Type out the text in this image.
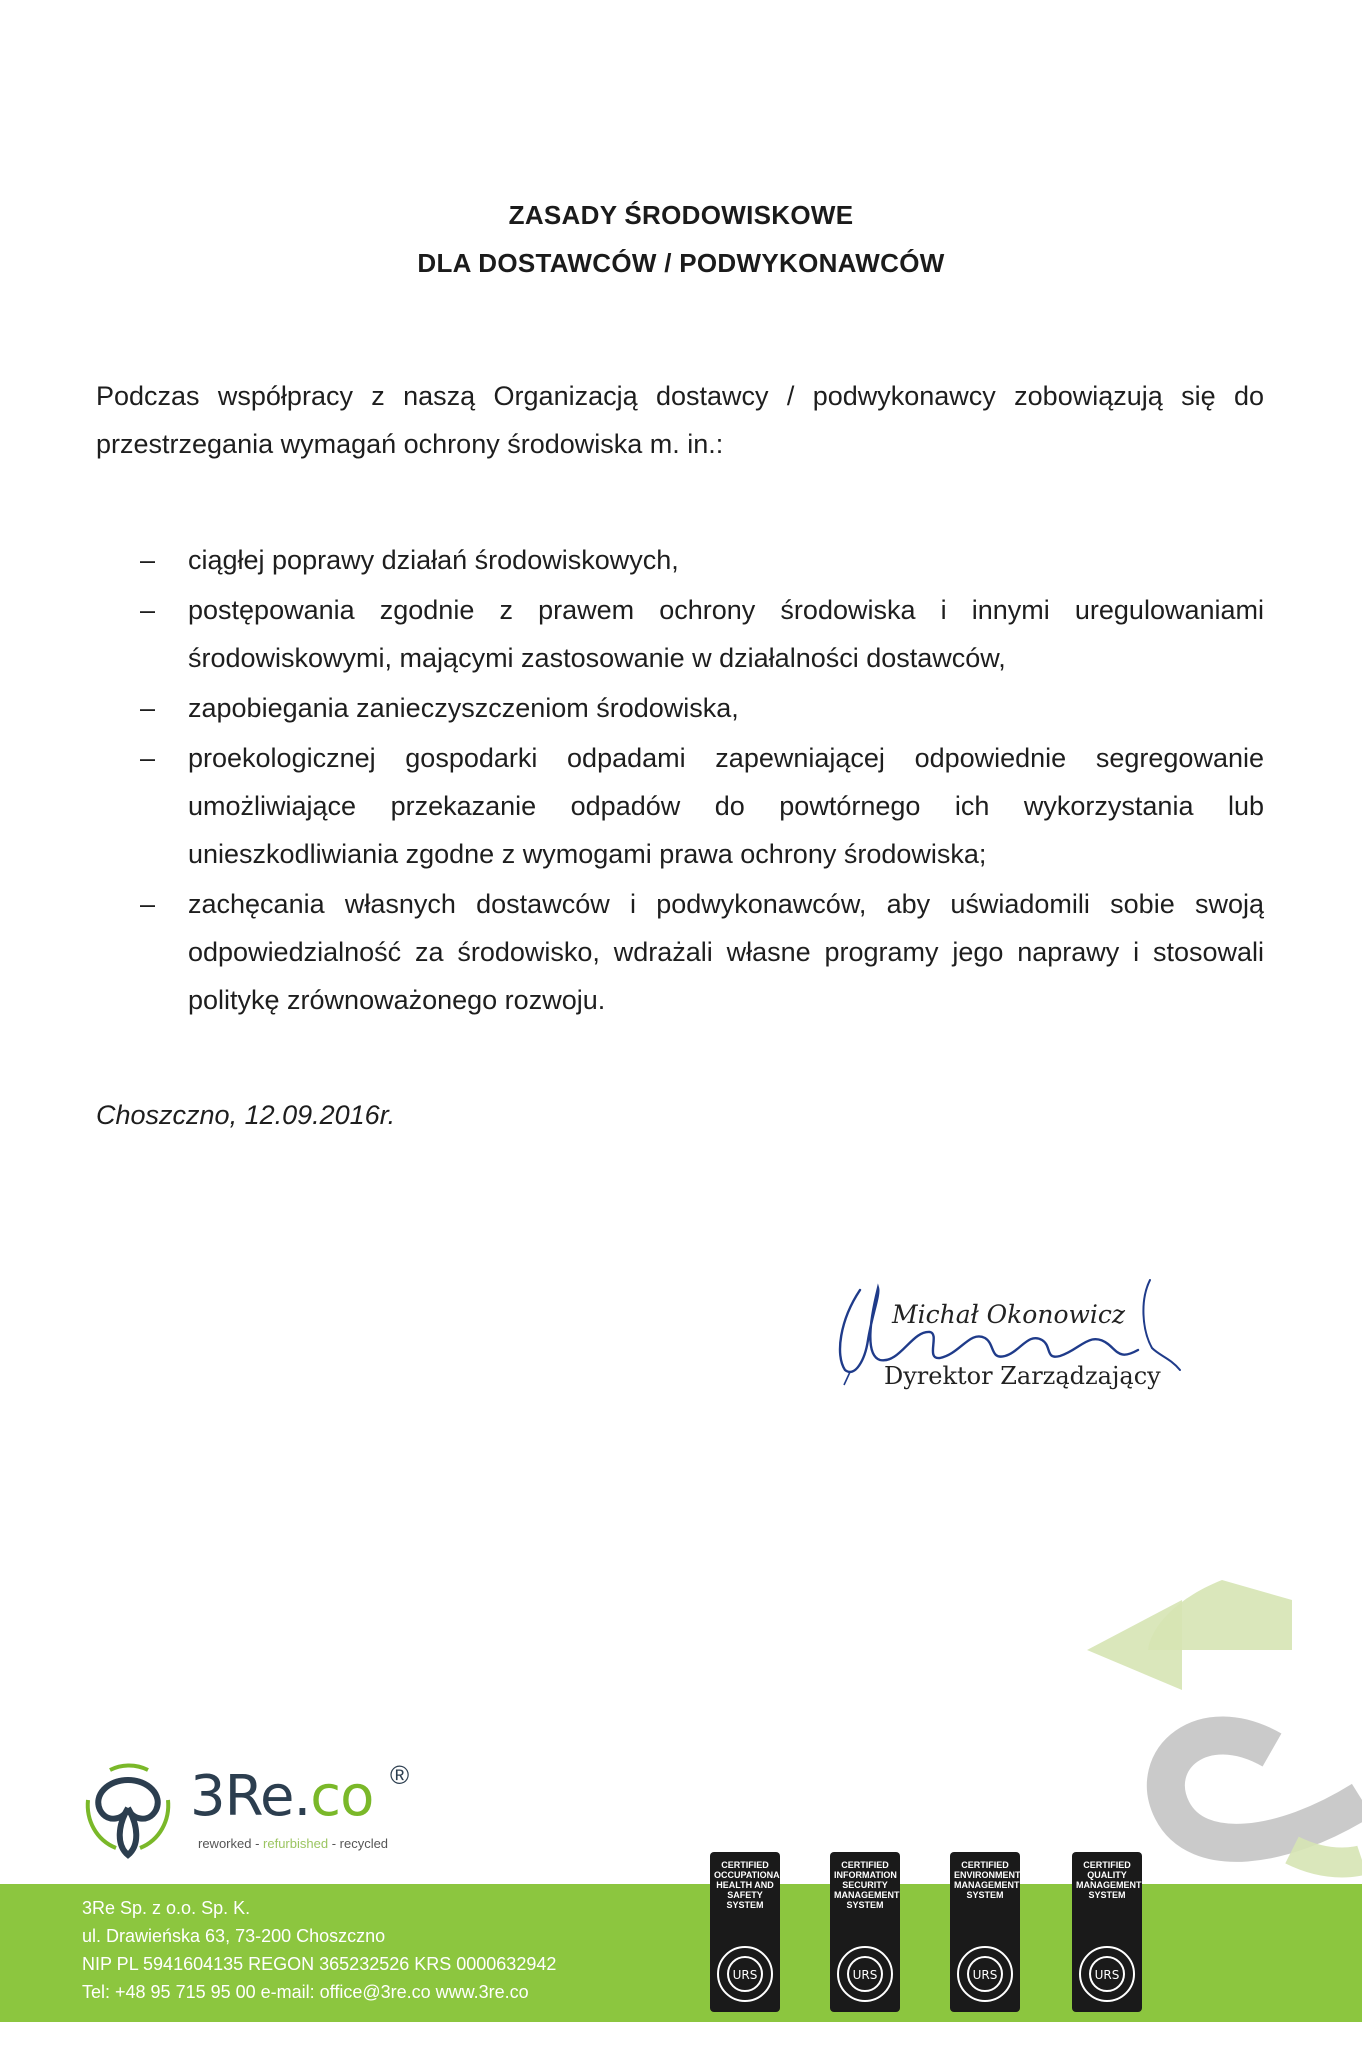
ZASADY ŚRODOWISKOWE
DLA DOSTAWCÓW / PODWYKONAWCÓW
Podczas współpracy z naszą Organizacją dostawcy / podwykonawcy zobowiązują się do przestrzegania wymagań ochrony środowiska m. in.:
– ciągłej poprawy działań środowiskowych,
– postępowania zgodnie z prawem ochrony środowiska i innymi uregulowaniami środowiskowymi, mającymi zastosowanie w działalności dostawców,
– zapobiegania zanieczyszczeniom środowiska,
– proekologicznej gospodarki odpadami zapewniającej odpowiednie segregowanie umożliwiające przekazanie odpadów do powtórnego ich wykorzystania lub unieszkodliwiania zgodne z wymogami prawa ochrony środowiska;
– zachęcania własnych dostawców i podwykonawców, aby uświadomili sobie swoją odpowiedzialność za środowisko, wdrażali własne programy jego naprawy i stosowali politykę zrównoważonego rozwoju.
Choszczno, 12.09.2016r.
Michał Okonowicz
Dyrektor Zarządzający
3Re.co ®
reworked - refurbished - recycled
3Re Sp. z o.o. Sp. K.
ul. Drawieńska 63, 73-200 Choszczno
NIP PL 5941604135 REGON 365232526 KRS 0000632942
Tel: +48 95 715 95 00 e-mail: office@3re.co www.3re.co
CERTIFIED OCCUPATIONAL HEALTH AND SAFETY SYSTEM
URS
CERTIFIED INFORMATION SECURITY MANAGEMENT SYSTEM
URS
CERTIFIED ENVIRONMENTAL MANAGEMENT SYSTEM
URS
CERTIFIED QUALITY MANAGEMENT SYSTEM
URS
